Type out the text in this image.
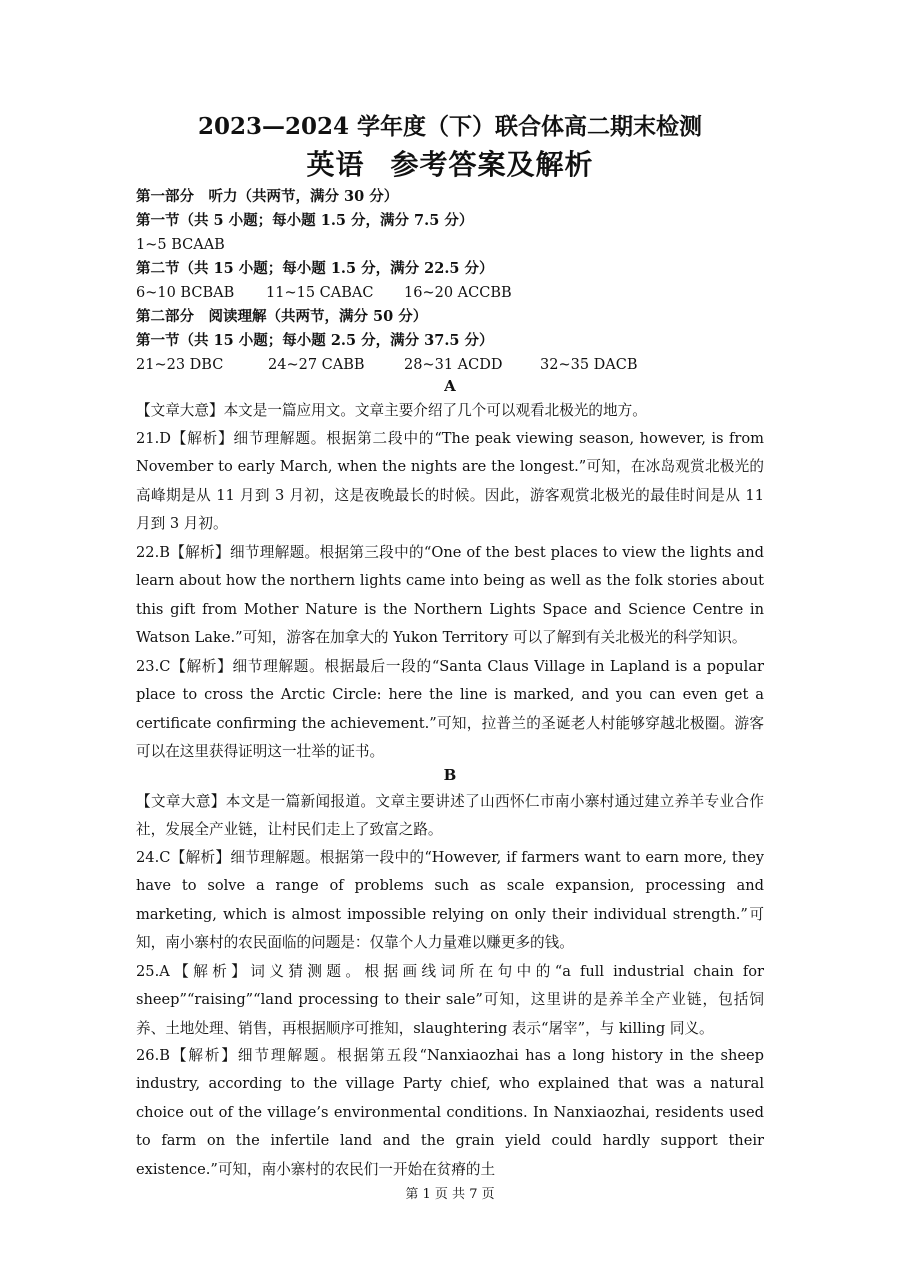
2023—2024 学年度（下）联合体高二期末检测
英语 参考答案及解析
第一部分　听力（共两节，满分 30 分）
第一节（共 5 小题；每小题 1.5 分，满分 7.5 分）
1~5 BCAAB
第二节（共 15 小题；每小题 1.5 分，满分 22.5 分）
6~10 BCBAB 11~15 CABAC 16~20 ACCBB
第二部分　阅读理解（共两节，满分 50 分）
第一节（共 15 小题；每小题 2.5 分，满分 37.5 分）
21~23 DBC	24~27 CABB	28~31 ACDD	32~35 DACB
A

【文章大意】本文是一篇应用文。文章主要介绍了几个可以观看北极光的地方。

21.D【解析】细节理解题。根据第二段中的“The peak viewing season, however, is from November to early March, when the nights are the longest.”可知，在冰岛观赏北极光的高峰期是从 11 月到 3 月初，这是夜晚最长的时候。因此，游客观赏北极光的最佳时间是从 11 月到 3 月初。

22.B【解析】细节理解题。根据第三段中的“One of the best places to view the lights and learn about how the northern lights came into being as well as the folk stories about this gift from Mother Nature is the Northern Lights Space and Science Centre in Watson Lake.”可知，游客在加拿大的 Yukon Territory 可以了解到有关北极光的科学知识。

23.C【解析】细节理解题。根据最后一段的“Santa Claus Village in Lapland is a popular place to cross the Arctic Circle: here the line is marked, and you can even get a certificate confirming the achievement.”可知，拉普兰的圣诞老人村能够穿越北极圈。游客可以在这里获得证明这一壮举的证书。

B

【文章大意】本文是一篇新闻报道。文章主要讲述了山西怀仁市南小寨村通过建立养羊专业合作社，发展全产业链，让村民们走上了致富之路。

24.C【解析】细节理解题。根据第一段中的“However, if farmers want to earn more, they have to solve a range of problems such as scale expansion, processing and marketing, which is almost impossible relying on only their individual strength.”可知，南小寨村的农民面临的问题是：仅靠个人力量难以赚更多的钱。

25.A【解析】词义猜测题。根据画线词所在句中的“a full industrial chain for sheep”“raising”“land processing to their sale”可知，这里讲的是养羊全产业链，包括饲养、土地处理、销售，再根据顺序可推知，slaughtering 表示“屠宰”，与 killing 同义。

26.B【解析】细节理解题。根据第五段“Nanxiaozhai has a long history in the sheep industry, according to the village Party chief, who explained that was a natural choice out of the village’s environmental conditions. In Nanxiaozhai, residents used to farm on the infertile land and the grain yield could hardly support their existence.”可知，南小寨村的农民们一开始在贫瘠的土

第 1 页 共 7 页
